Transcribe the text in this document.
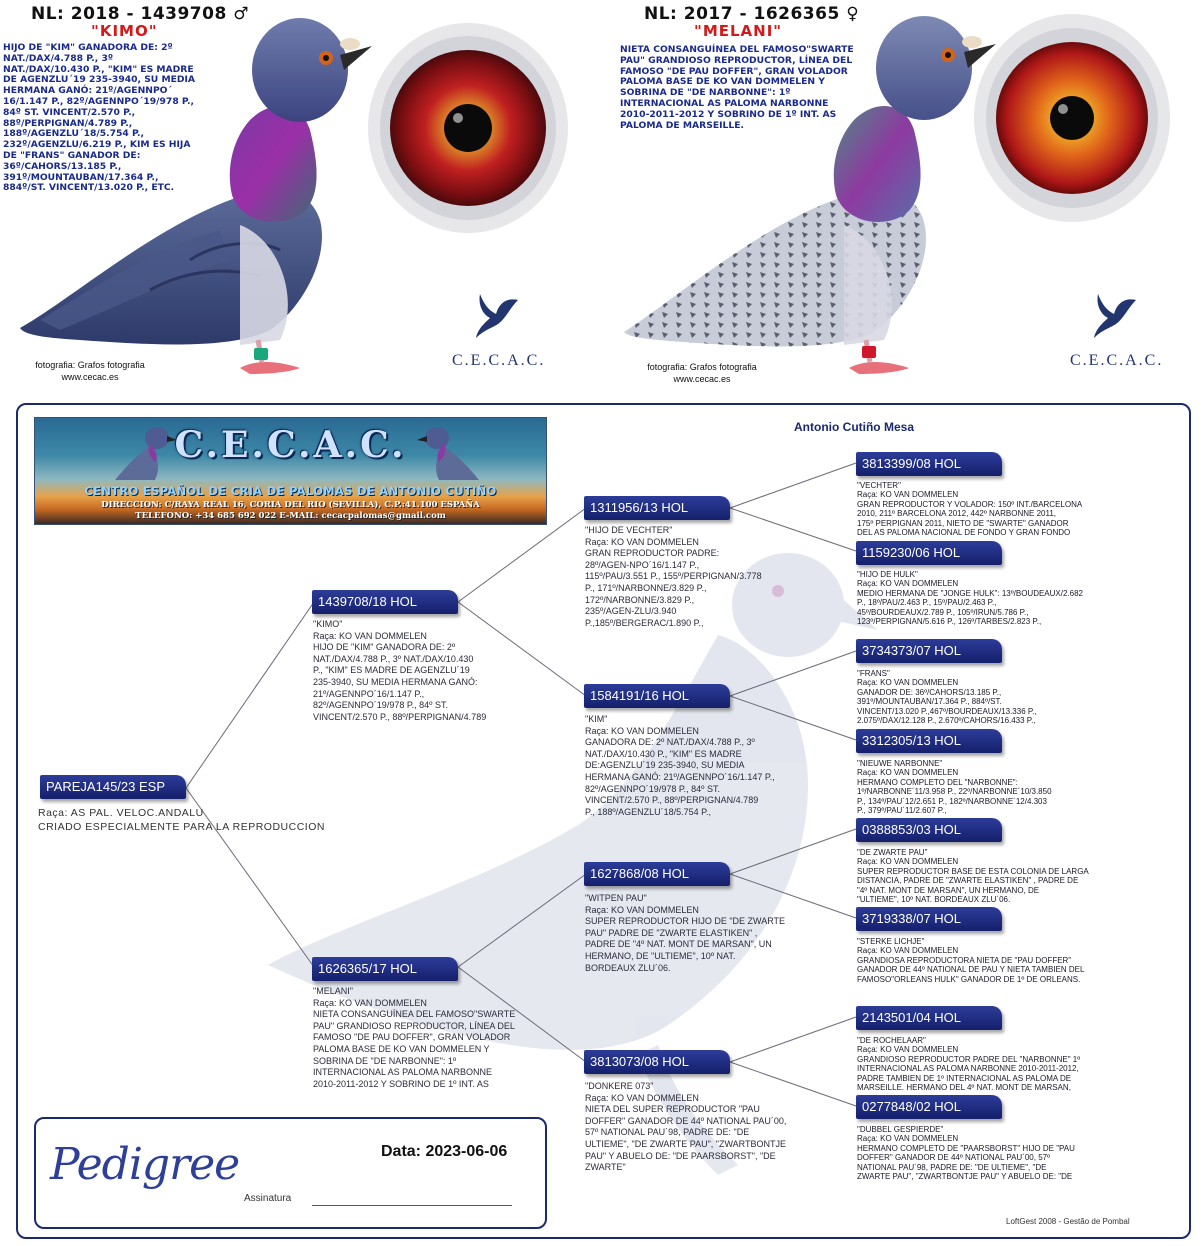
NL: 2018 - 1439708 ♂
"KIMO"
HIJO DE "KIM" GANADORA DE: 2º
NAT./DAX/4.788 P., 3º
NAT./DAX/10.430 P., "KIM" ES MADRE
DE AGENZLU´19 235-3940, SU MEDIA
HERMANA GANÓ: 21º/AGENNPO´
16/1.147 P., 82º/AGENNPO´19/978 P.,
84º ST. VINCENT/2.570 P.,
88º/PERPIGNAN/4.789 P.,
188º/AGENZLU´18/5.754 P.,
232º/AGENZLU/6.219 P., KIM ES HIJA
DE "FRANS" GANADOR DE:
36º/CAHORS/13.185 P.,
391º/MOUNTAUBAN/17.364 P.,
884º/ST. VINCENT/13.020 P., ETC.
C.E.C.A.C.
fotografia: Grafos fotografia
www.cecac.es
NL: 2017 - 1626365 ♀
"MELANI"
NIETA CONSANGUÍNEA DEL FAMOSO"SWARTE
PAU" GRANDIOSO REPRODUCTOR, LÍNEA DEL
FAMOSO "DE PAU DOFFER", GRAN VOLADOR
PALOMA BASE DE KO VAN DOMMELEN Y
SOBRINA DE "DE NARBONNE": 1º
INTERNACIONAL AS PALOMA NARBONNE
2010-2011-2012 Y SOBRINO DE 1º INT. AS
PALOMA DE MARSEILLE.
C.E.C.A.C.
fotografia: Grafos fotografia
www.cecac.es
Antonio Cutiño Mesa
C.E.C.A.C.
CENTRO ESPAÑOL DE CRIA DE PALOMAS DE ANTONIO CUTIÑO
DIRECCION: C/RAYA REAL 16, CORIA DEL RIO (SEVILLA), C.P.:41.100 ESPAÑA
TELEFONO: +34 685 692 022 E-MAIL: cecacpalomas@gmail.com
PAREJA145/23 ESP
Raça: AS PAL. VELOC.ANDALU
CRIADO ESPECIALMENTE PARA LA REPRODUCCION
1439708/18 HOL
"KIMO"
Raça: KO VAN DOMMELEN
HIJO DE "KIM" GANADORA DE: 2º
NAT./DAX/4.788 P., 3º NAT./DAX/10.430
P., "KIM" ES MADRE DE AGENZLU´19
235-3940, SU MEDIA HERMANA GANÓ:
21º/AGENNPO´16/1.147 P.,
82º/AGENNPO´19/978 P., 84º ST.
VINCENT/2.570 P., 88º/PERPIGNAN/4.789
1626365/17 HOL
"MELANI"
Raça: KO VAN DOMMELEN
NIETA CONSANGUÍNEA DEL FAMOSO"SWARTE
PAU" GRANDIOSO REPRODUCTOR, LÍNEA DEL
FAMOSO "DE PAU DOFFER", GRAN VOLADOR
PALOMA BASE DE KO VAN DOMMELEN Y
SOBRINA DE "DE NARBONNE": 1º
INTERNACIONAL AS PALOMA NARBONNE
2010-2011-2012 Y SOBRINO DE 1º INT. AS
1311956/13 HOL
"HIJO DE VECHTER"
Raça: KO VAN DOMMELEN
GRAN REPRODUCTOR PADRE:
28º/AGEN-NPO´16/1.147 P.,
115º/PAU/3.551 P., 155º/PERPIGNAN/3.778
P., 171º/NARBONNE/3.829 P.,
172º/NARBONNE/3.829 P.,
235º/AGEN-ZLU/3.940
P.,185º/BERGERAC/1.890 P.,
1584191/16 HOL
"KIM"
Raça: KO VAN DOMMELEN
GANADORA DE: 2º NAT./DAX/4.788 P., 3º
NAT./DAX/10.430 P., "KIM" ES MADRE
DE:AGENZLU´19 235-3940, SU MEDIA
HERMANA GANÓ: 21º/AGENNPO´16/1.147 P.,
82º/AGENNPO´19/978 P., 84º ST.
VINCENT/2.570 P., 88º/PERPIGNAN/4.789
P., 188º/AGENZLU´18/5.754 P.,
1627868/08 HOL
"WITPEN PAU"
Raça: KO VAN DOMMELEN
SUPER REPRODUCTOR HIJO DE "DE ZWARTE
PAU" PADRE DE "ZWARTE ELASTIKEN" ,
PADRE DE "4º NAT. MONT DE MARSAN", UN
HERMANO, DE "ULTIEME", 10º NAT.
BORDEAUX ZLU´06.
3813073/08 HOL
"DONKERE 073"
Raça: KO VAN DOMMELEN
NIETA DEL SUPER REPRODUCTOR "PAU
DOFFER" GANADOR DE 44º NATIONAL PAU´00,
57º NATIONAL PAU´98, PADRE DE: "DE
ULTIEME", "DE ZWARTE PAU", "ZWARTBONTJE
PAU" Y ABUELO DE: "DE PAARSBORST", "DE
ZWARTE"
3813399/08 HOL
"VECHTER"
Raça: KO VAN DOMMELEN
GRAN REPRODUCTOR Y VOLADOR: 150º INT./BARCELONA
2010, 211º BARCELONA 2012, 442º NARBONNE 2011,
175º PERPIGNAN 2011, NIETO DE "SWARTE" GANADOR
DEL AS PALOMA NACIONAL DE FONDO Y GRAN FONDO
1159230/06 HOL
"HIJO DE HULK"
Raça: KO VAN DOMMELEN
MEDIO HERMANA DE "JONGE HULK": 13º/BOUDEAUX/2.682
P., 18º/PAU/2.463 P., 15º/PAU/2.463 P.,
45º/BOURDEAUX/2.789 P., 105º/IRUN/5.786 P.,
123º/PERPIGNAN/5.616 P., 126º/TARBES/2.823 P.,
3734373/07 HOL
"FRANS"
Raça: KO VAN DOMMELEN
GANADOR DE: 36º/CAHORS/13.185 P.,
391º/MOUNTAUBAN/17.364 P., 884º/ST.
VINCENT/13.020 P.,467º/BOURDEAUX/13.336 P.,
2.075º/DAX/12.128 P., 2.670º/CAHORS/16.433 P.,
3312305/13 HOL
"NIEUWE NARBONNE"
Raça: KO VAN DOMMELEN
HERMANO COMPLETO DEL "NARBONNE":
1º/NARBONNE´11/3.958 P., 22º/NARBONNE´10/3.850
P., 134º/PAU´12/2.651 P., 182º/NARBONNE´12/4.303
P., 379º/PAU´11/2.607 P.,
0388853/03 HOL
"DE ZWARTE PAU"
Raça: KO VAN DOMMELEN
SUPER REPRODUCTOR BASE DE ESTA COLONIA DE LARGA
DISTANCIA, PADRE DE "ZWARTE ELASTIKEN" , PADRE DE
"4º NAT. MONT DE MARSAN", UN HERMANO, DE
"ULTIEME", 10º NAT. BORDEAUX ZLU´06.
3719338/07 HOL
"STERKE LICHJE"
Raça: KO VAN DOMMELEN
GRANDIOSA REPRODUCTORA NIETA DE "PAU DOFFER"
GANADOR DE 44º NATIONAL DE PAU Y NIETA TAMBIEN DEL
FAMOSO"ORLEANS HULK" GANADOR DE 1º DE ORLEANS.
2143501/04 HOL
"DE ROCHELAAR"
Raça: KO VAN DOMMELEN
GRANDIOSO REPRODUCTOR PADRE DEL "NARBONNE" 1º
INTERNACIONAL AS PALOMA NARBONNE 2010-2011-2012,
PADRE TAMBIEN DE 1º INTERNACIONAL AS PALOMA DE
MARSEILLE. HERMANO DEL 4º NAT. MONT DE MARSAN,
0277848/02 HOL
"DUBBEL GESPIERDE"
Raça: KO VAN DOMMELEN
HERMANO COMPLETO DE "PAARSBORST" HIJO DE "PAU
DOFFER" GANADOR DE 44º NATIONAL PAU´00, 57º
NATIONAL PAU´98, PADRE DE: "DE ULTIEME", "DE
ZWARTE PAU", "ZWARTBONTJE PAU" Y ABUELO DE: "DE
Pedigree	Data: 2023-06-06
Assinatura
LoftGest 2008 - Gestão de Pombal
